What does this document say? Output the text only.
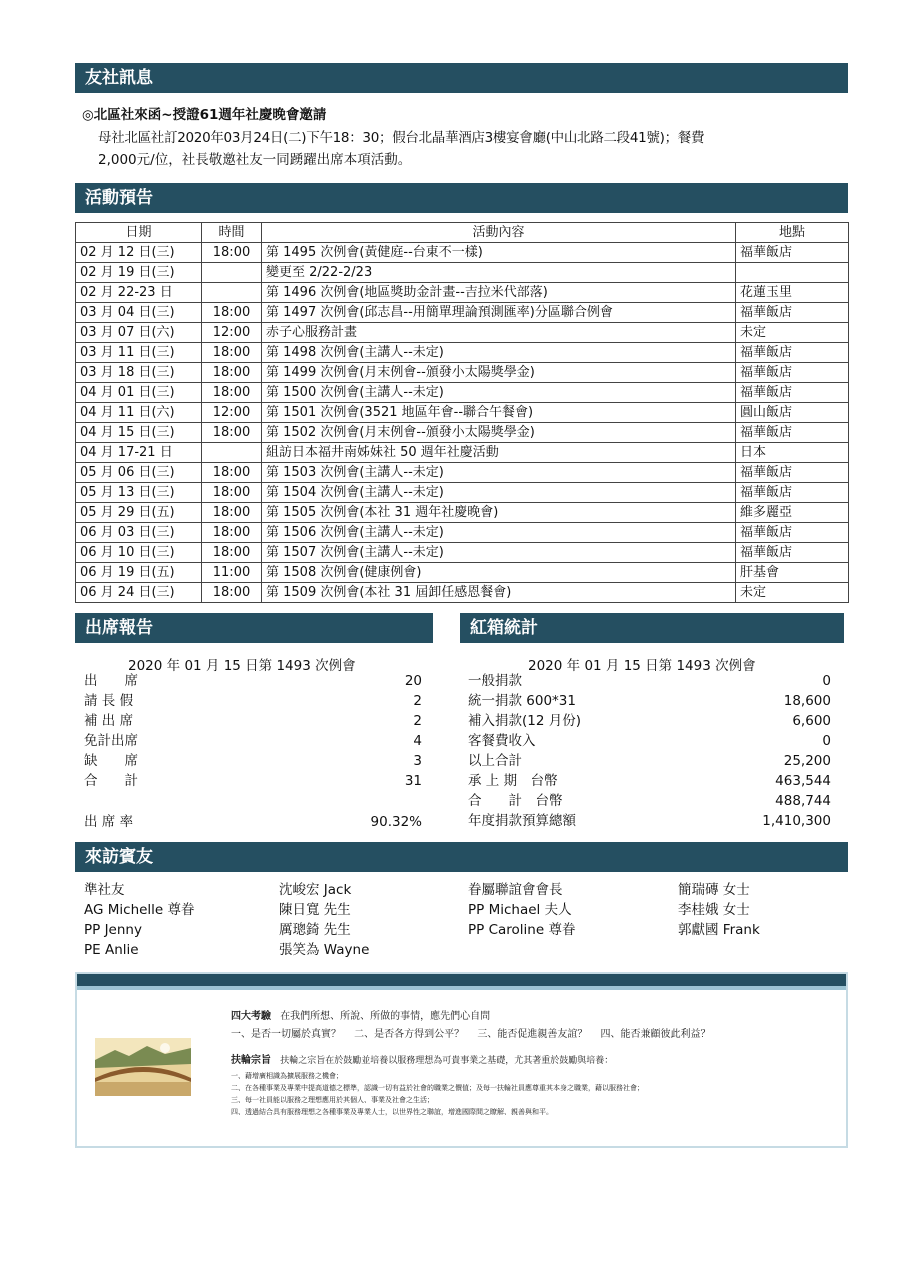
友社訊息
◎北區社來函~授證61週年社慶晚會邀請
母社北區社訂2020年03月24日(二)下午18：30；假台北晶華酒店3樓宴會廳(中山北路二段41號)；餐費
2,000元/位，社長敬邀社友一同踴躍出席本項活動。
活動預告
日期	時間	活動內容	地點
02 月 12 日(三)	18:00	第 1495 次例會(黃健庭--台東不一樣)	福華飯店
02 月 19 日(三)		變更至 2/22-2/23	
02 月 22-23 日		第 1496 次例會(地區獎助金計畫--吉拉米代部落)	花蓮玉里
03 月 04 日(三)	18:00	第 1497 次例會(邱志昌--用簡單理論預測匯率)分區聯合例會	福華飯店
03 月 07 日(六)	12:00	赤子心服務計畫	未定
03 月 11 日(三)	18:00	第 1498 次例會(主講人--未定)	福華飯店
03 月 18 日(三)	18:00	第 1499 次例會(月末例會--頒發小太陽獎學金)	福華飯店
04 月 01 日(三)	18:00	第 1500 次例會(主講人--未定)	福華飯店
04 月 11 日(六)	12:00	第 1501 次例會(3521 地區年會--聯合午餐會)	圓山飯店
04 月 15 日(三)	18:00	第 1502 次例會(月末例會--頒發小太陽獎學金)	福華飯店
04 月 17-21 日		組訪日本福井南姊妹社 50 週年社慶活動	日本
05 月 06 日(三)	18:00	第 1503 次例會(主講人--未定)	福華飯店
05 月 13 日(三)	18:00	第 1504 次例會(主講人--未定)	福華飯店
05 月 29 日(五)	18:00	第 1505 次例會(本社 31 週年社慶晚會)	維多麗亞
06 月 03 日(三)	18:00	第 1506 次例會(主講人--未定)	福華飯店
06 月 10 日(三)	18:00	第 1507 次例會(主講人--未定)	福華飯店
06 月 19 日(五)	11:00	第 1508 次例會(健康例會)	肝基會
06 月 24 日(三)	18:00	第 1509 次例會(本社 31 屆卸任感恩餐會)	未定
出席報告
2020 年 01 月 15 日第 1493 次例會
出　　席	20
請 長 假	2
補 出 席	2
免計出席	4
缺　　席	3
合　　計	31
出 席 率	90.32%
紅箱統計
2020 年 01 月 15 日第 1493 次例會
一般捐款	0
統一捐款 600*31	18,600
補入捐款(12 月份)	6,600
客餐費收入	0
以上合計	25,200
承 上 期　台幣	463,544
合　　計　台幣	488,744
年度捐款預算總額	1,410,300
來訪賓友
準社友
AG Michelle 尊眷
PP Jenny
PE Anlie
沈峻宏 Jack
陳日寬 先生
厲璁錡 先生
張笑為 Wayne
眷屬聯誼會會長
PP Michael 夫人
PP Caroline 尊眷
簡瑞磚 女士
李桂娥 女士
郭獻國 Frank
四大考驗 在我們所想、所說、所做的事情，應先們心自問
一、是否一切屬於真實？　 二、是否各方得到公平？　 三、能否促進親善友誼？　 四、能否兼顧彼此利益？
扶輪宗旨 扶輪之宗旨在於鼓勵並培養以服務理想為可貴事業之基礎，尤其著重於鼓勵與培養：
一、藉增廣相識為擴展服務之機會；
二、在各種事業及專業中提高道德之標準，認識一切有益於社會的職業之價值；及每一扶輪社員應尊重其本身之職業，藉以服務社會；
三、每一社員能以服務之理想應用於其個人、事業及社會之生活；
四、透過結合具有服務理想之各種事業及專業人士，以世界性之聯誼，增進國際間之瞭解、親善與和平。
